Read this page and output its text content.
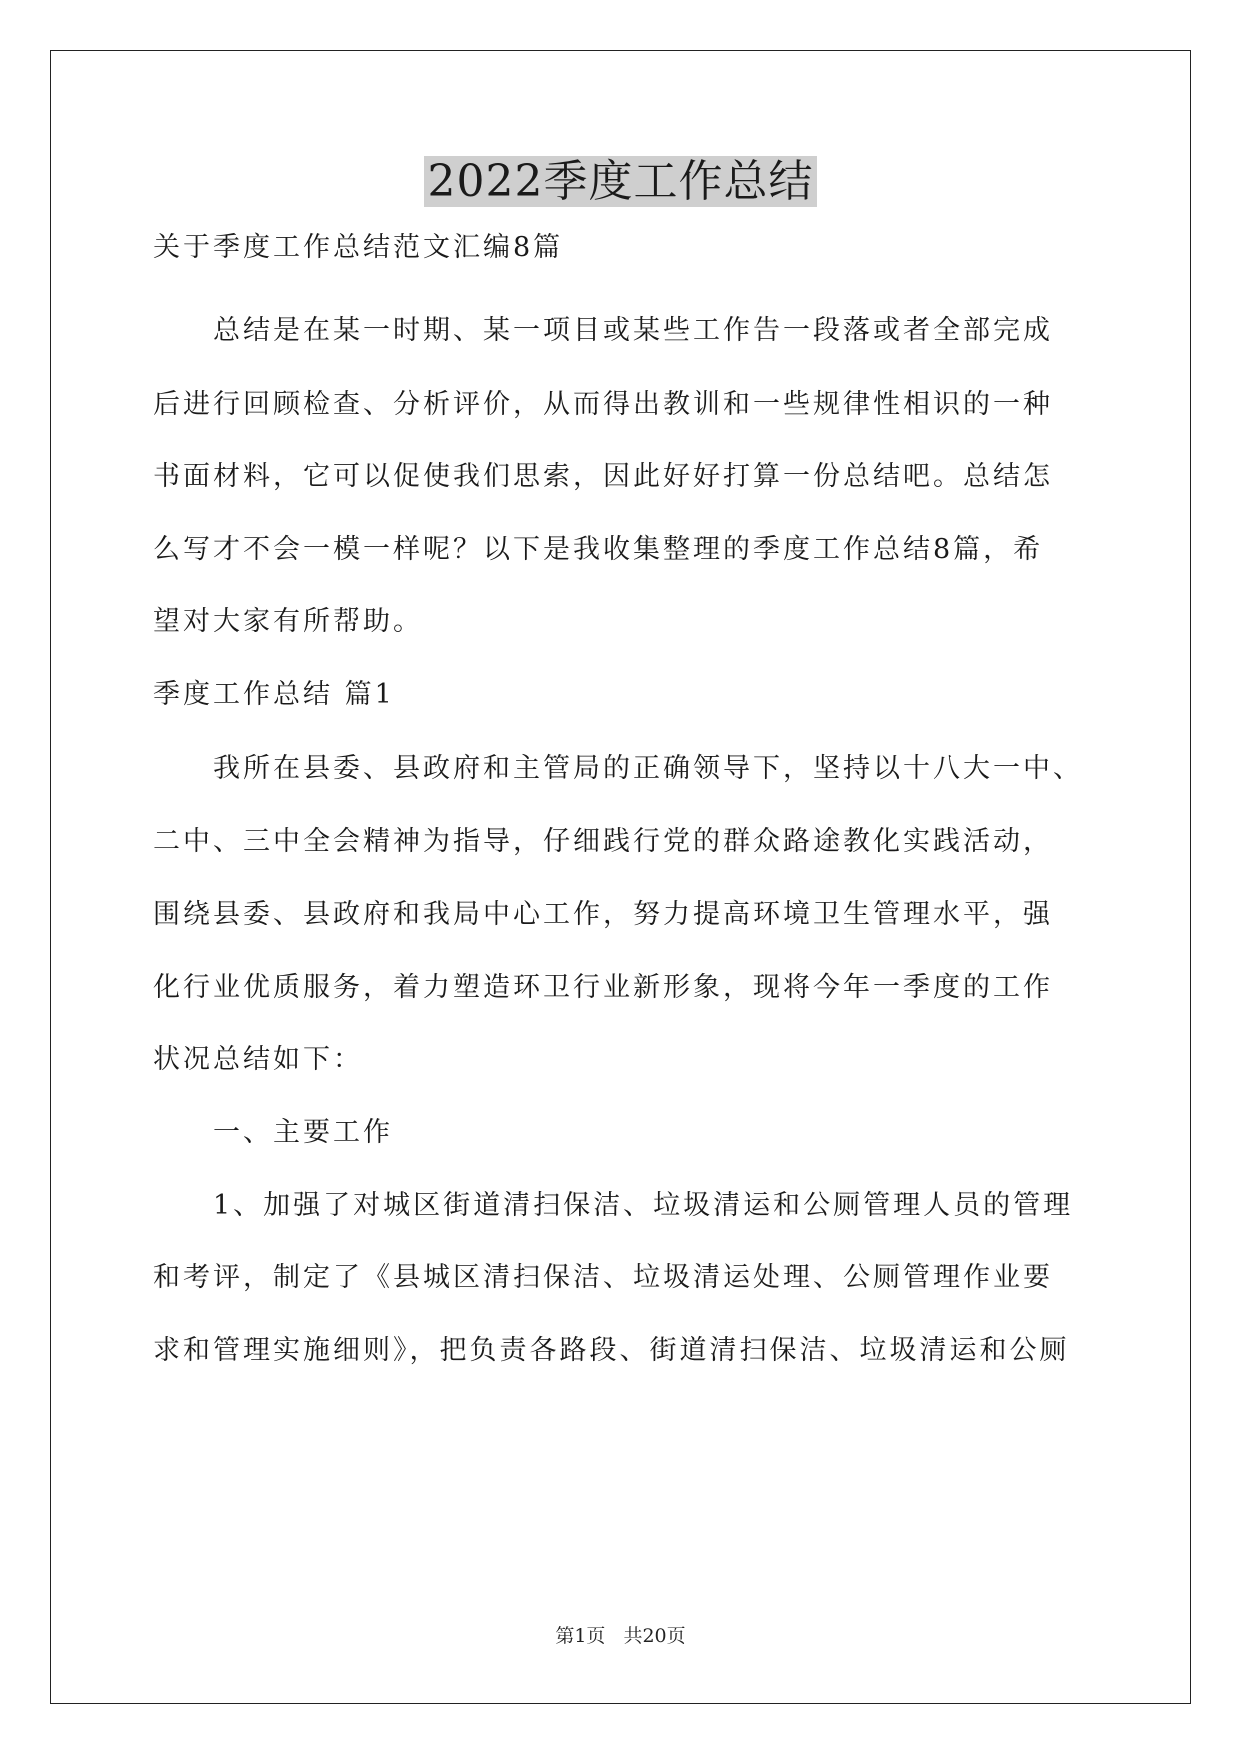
2022季度工作总结

关于季度工作总结范文汇编8篇

　　总结是在某一时期、某一项目或某些工作告一段落或者全部完成

后进行回顾检查、分析评价，从而得出教训和一些规律性相识的一种

书面材料，它可以促使我们思索，因此好好打算一份总结吧。总结怎

么写才不会一模一样呢？以下是我收集整理的季度工作总结8篇，希

望对大家有所帮助。

季度工作总结 篇1

　　我所在县委、县政府和主管局的正确领导下，坚持以十八大一中、

二中、三中全会精神为指导，仔细践行党的群众路途教化实践活动，

围绕县委、县政府和我局中心工作，努力提高环境卫生管理水平，强

化行业优质服务，着力塑造环卫行业新形象，现将今年一季度的工作

状况总结如下：

　　一、主要工作

　　1、加强了对城区街道清扫保洁、垃圾清运和公厕管理人员的管理

和考评，制定了《县城区清扫保洁、垃圾清运处理、公厕管理作业要

求和管理实施细则》，把负责各路段、街道清扫保洁、垃圾清运和公厕

第1页 共20页
